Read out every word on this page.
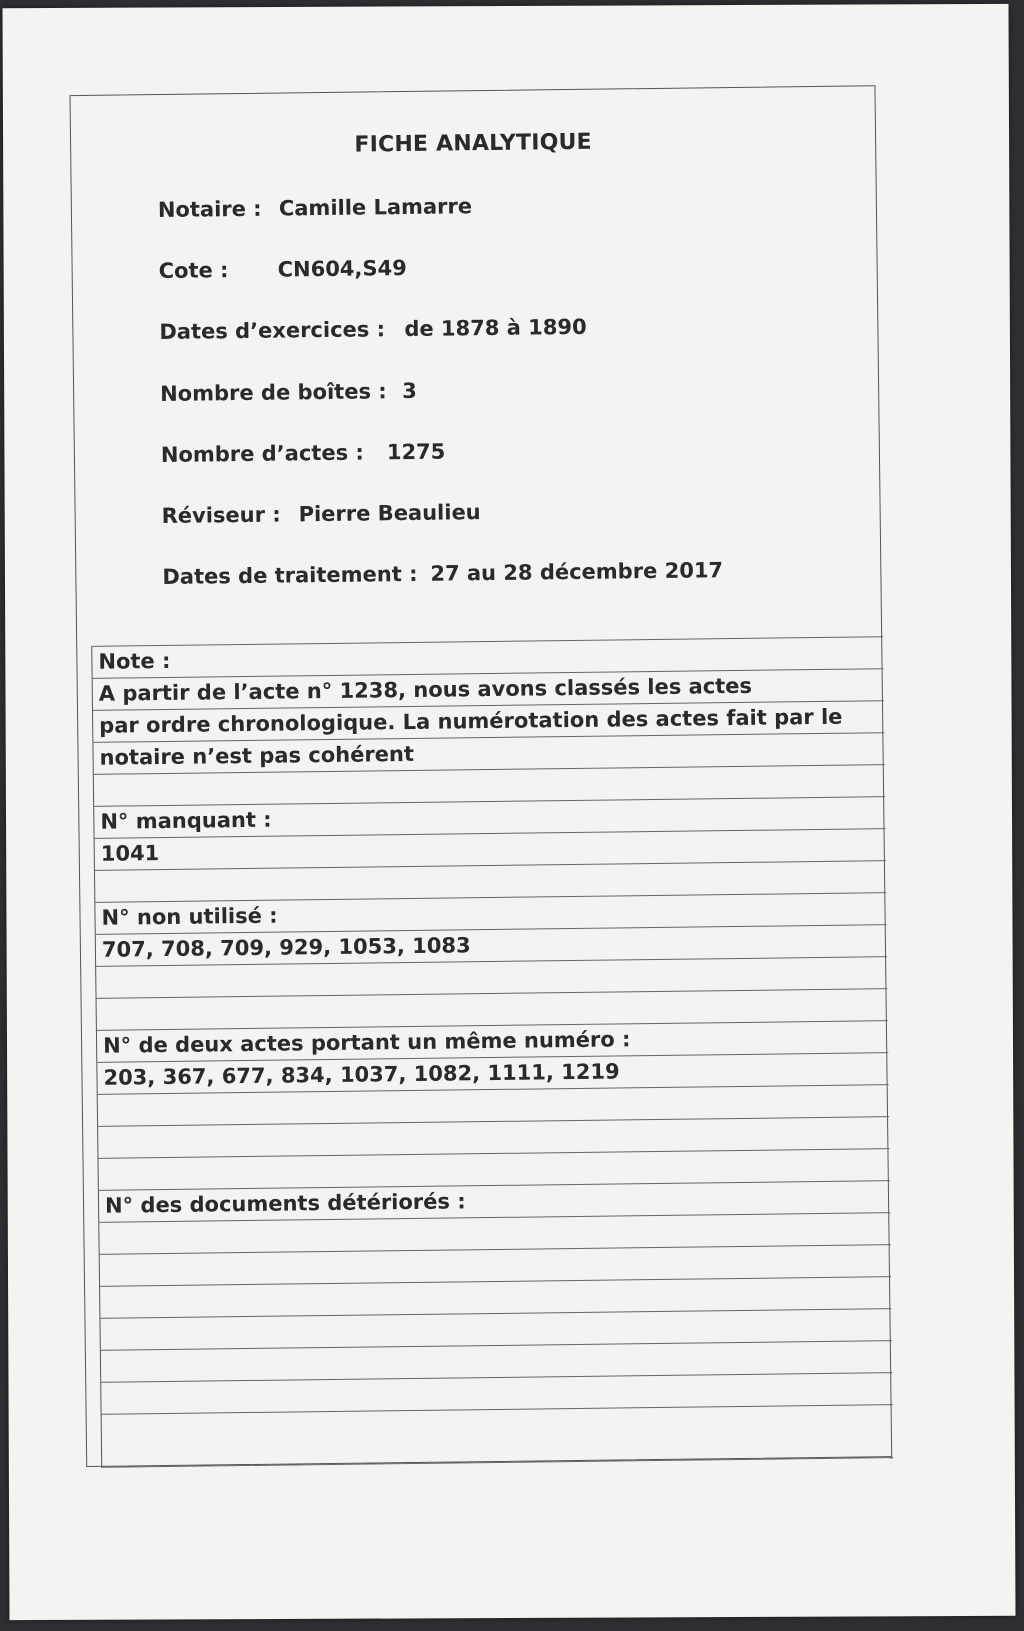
FICHE ANALYTIQUE
Notaire : Camille Lamarre
Cote : CN604,S49
Dates d’exercices : de 1878 à 1890
Nombre de boîtes : 3
Nombre d’actes : 1275
Réviseur : Pierre Beaulieu
Dates de traitement : 27 au 28 décembre 2017
Note :
A partir de l’acte n° 1238, nous avons classés les actes
par ordre chronologique. La numérotation des actes fait par le
notaire n’est pas cohérent
N° manquant :
1041
N° non utilisé :
707, 708, 709, 929, 1053, 1083
N° de deux actes portant un même numéro :
203, 367, 677, 834, 1037, 1082, 1111, 1219
N° des documents détériorés :
